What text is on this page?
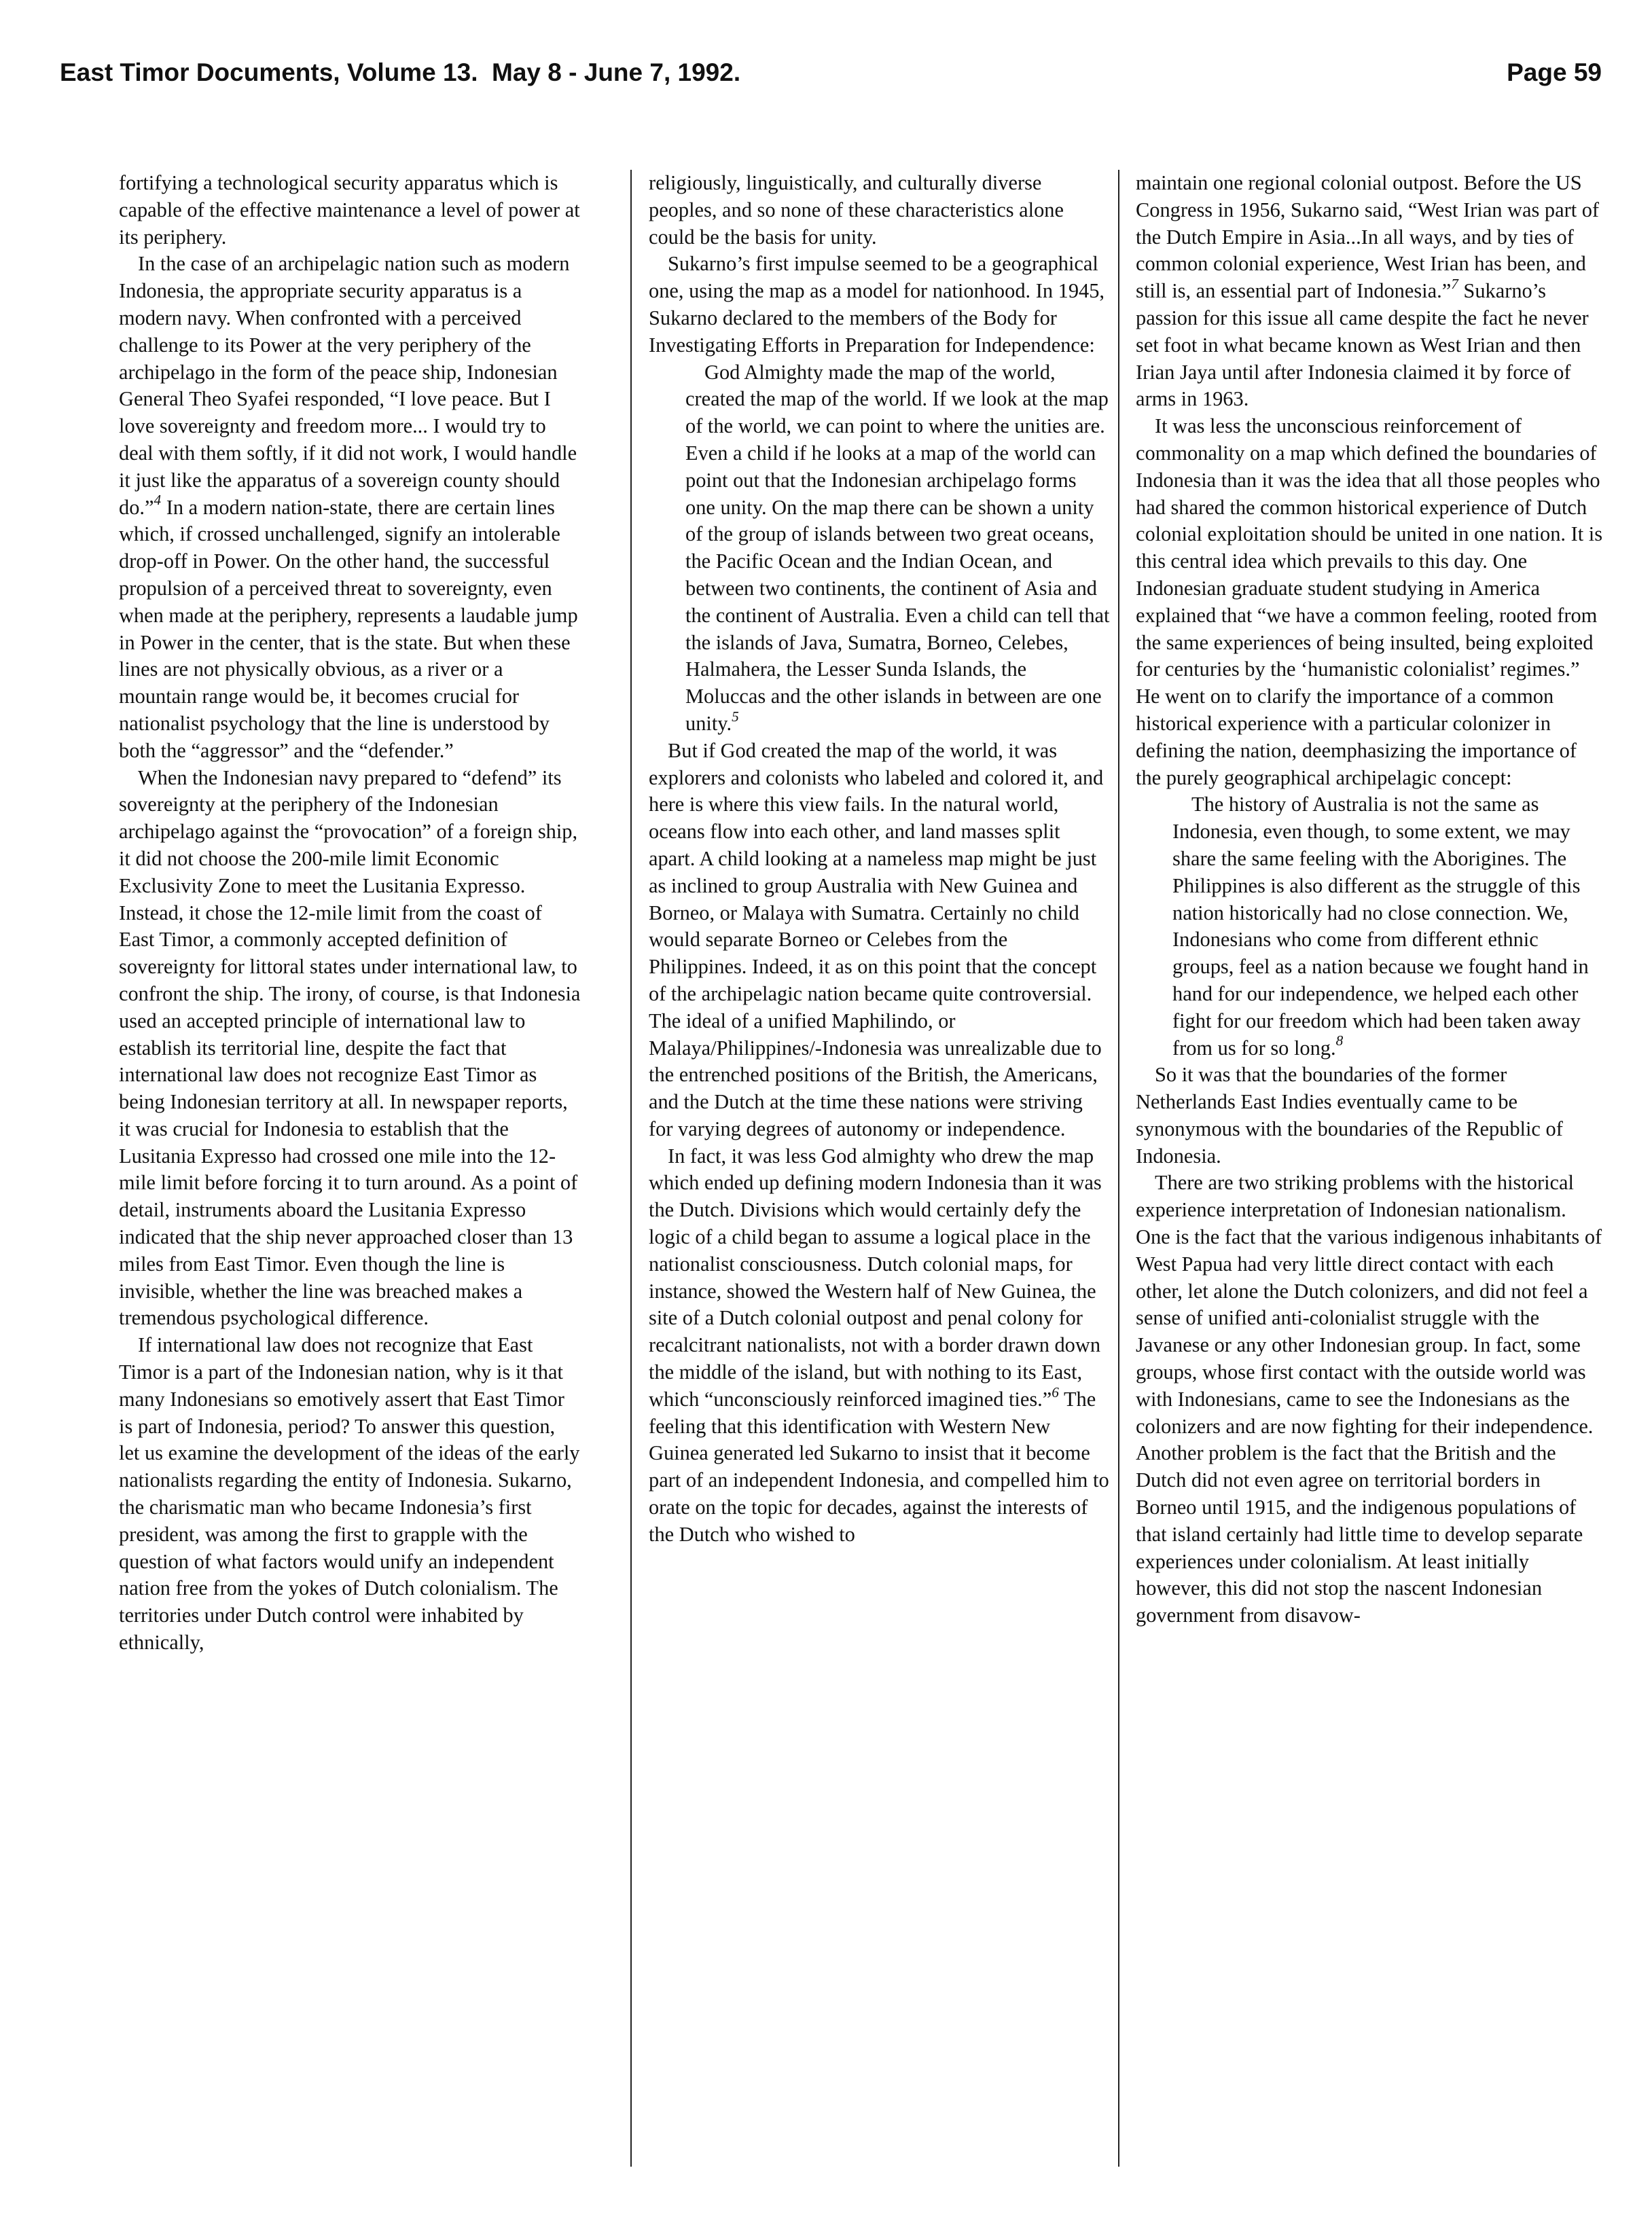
East Timor Documents, Volume 13. May 8 - June 7, 1992.	Page 59

fortifying a technological security apparatus which is capable of the effective maintenance a level of power at its periphery.

In the case of an archipelagic nation such as modern Indonesia, the appropriate security apparatus is a modern navy. When confronted with a perceived challenge to its Power at the very periphery of the archipelago in the form of the peace ship, Indonesian General Theo Syafei responded, “I love peace. But I love sovereignty and freedom more... I would try to deal with them softly, if it did not work, I would handle it just like the apparatus of a sovereign county should do.”$^4$ In a modern nation-state, there are certain lines which, if crossed unchallenged, signify an intolerable drop-off in Power. On the other hand, the successful propulsion of a perceived threat to sovereignty, even when made at the periphery, represents a laudable jump in Power in the center, that is the state. But when these lines are not physically obvious, as a river or a mountain range would be, it becomes crucial for nationalist psychology that the line is understood by both the “aggressor” and the “defender.”

When the Indonesian navy prepared to “defend” its sovereignty at the periphery of the Indonesian archipelago against the “provocation” of a foreign ship, it did not choose the 200-mile limit Economic Exclusivity Zone to meet the Lusitania Expresso. Instead, it chose the 12-mile limit from the coast of East Timor, a commonly accepted definition of sovereignty for littoral states under international law, to confront the ship. The irony, of course, is that Indonesia used an accepted principle of international law to establish its territorial line, despite the fact that international law does not recognize East Timor as being Indonesian territory at all. In newspaper reports, it was crucial for Indonesia to establish that the Lusitania Expresso had crossed one mile into the 12-mile limit before forcing it to turn around. As a point of detail, instruments aboard the Lusitania Expresso indicated that the ship never approached closer than 13 miles from East Timor. Even though the line is invisible, whether the line was breached makes a tremendous psychological difference.

If international law does not recognize that East Timor is a part of the Indonesian nation, why is it that many Indonesians so emotively assert that East Timor is part of Indonesia, period? To answer this question, let us examine the development of the ideas of the early nationalists regarding the entity of Indonesia. Sukarno, the charismatic man who became Indonesia’s first president, was among the first to grapple with the question of what factors would unify an independent nation free from the yokes of Dutch colonialism. The territories under Dutch control were inhabited by ethnically,

religiously, linguistically, and culturally diverse peoples, and so none of these characteristics alone could be the basis for unity.

Sukarno’s first impulse seemed to be a geographical one, using the map as a model for nationhood. In 1945, Sukarno declared to the members of the Body for Investigating Efforts in Preparation for Independence:

God Almighty made the map of the world, created the map of the world. If we look at the map of the world, we can point to where the unities are. Even a child if he looks at a map of the world can point out that the Indonesian archipelago forms one unity. On the map there can be shown a unity of the group of islands between two great oceans, the Pacific Ocean and the Indian Ocean, and between two continents, the continent of Asia and the continent of Australia. Even a child can tell that the islands of Java, Sumatra, Borneo, Celebes, Halmahera, the Lesser Sunda Islands, the Moluccas and the other islands in between are one unity.$^5$

But if God created the map of the world, it was explorers and colonists who labeled and colored it, and here is where this view fails. In the natural world, oceans flow into each other, and land masses split apart. A child looking at a nameless map might be just as inclined to group Australia with New Guinea and Borneo, or Malaya with Sumatra. Certainly no child would separate Borneo or Celebes from the Philippines. Indeed, it as on this point that the concept of the archipelagic nation became quite controversial. The ideal of a unified Maphilindo, or Malaya/Philippines/-Indonesia was unrealizable due to the entrenched positions of the British, the Americans, and the Dutch at the time these nations were striving for varying degrees of autonomy or independence.

In fact, it was less God almighty who drew the map which ended up defining modern Indonesia than it was the Dutch. Divisions which would certainly defy the logic of a child began to assume a logical place in the nationalist consciousness. Dutch colonial maps, for instance, showed the Western half of New Guinea, the site of a Dutch colonial outpost and penal colony for recalcitrant nationalists, not with a border drawn down the middle of the island, but with nothing to its East, which “unconsciously reinforced imagined ties.”$^6$ The feeling that this identification with Western New Guinea generated led Sukarno to insist that it become part of an independent Indonesia, and compelled him to orate on the topic for decades, against the interests of the Dutch who wished to

maintain one regional colonial outpost. Before the US Congress in 1956, Sukarno said, “West Irian was part of the Dutch Empire in Asia...In all ways, and by ties of common colonial experience, West Irian has been, and still is, an essential part of Indonesia.”$^7$ Sukarno’s passion for this issue all came despite the fact he never set foot in what became known as West Irian and then Irian Jaya until after Indonesia claimed it by force of arms in 1963.

It was less the unconscious reinforcement of commonality on a map which defined the boundaries of Indonesia than it was the idea that all those peoples who had shared the common historical experience of Dutch colonial exploitation should be united in one nation. It is this central idea which prevails to this day. One Indonesian graduate student studying in America explained that “we have a common feeling, rooted from the same experiences of being insulted, being exploited for centuries by the ‘humanistic colonialist’ regimes.” He went on to clarify the importance of a common historical experience with a particular colonizer in defining the nation, deemphasizing the importance of the purely geographical archipelagic concept:

The history of Australia is not the same as Indonesia, even though, to some extent, we may share the same feeling with the Aborigines. The Philippines is also different as the struggle of this nation historically had no close connection. We, Indonesians who come from different ethnic groups, feel as a nation because we fought hand in hand for our independence, we helped each other fight for our freedom which had been taken away from us for so long.$^8$

So it was that the boundaries of the former Netherlands East Indies eventually came to be synonymous with the boundaries of the Republic of Indonesia.

There are two striking problems with the historical experience interpretation of Indonesian nationalism. One is the fact that the various indigenous inhabitants of West Papua had very little direct contact with each other, let alone the Dutch colonizers, and did not feel a sense of unified anti-colonialist struggle with the Javanese or any other Indonesian group. In fact, some groups, whose first contact with the outside world was with Indonesians, came to see the Indonesians as the colonizers and are now fighting for their independence. Another problem is the fact that the British and the Dutch did not even agree on territorial borders in Borneo until 1915, and the indigenous populations of that island certainly had little time to develop separate experiences under colonialism. At least initially however, this did not stop the nascent Indonesian government from disavow-
